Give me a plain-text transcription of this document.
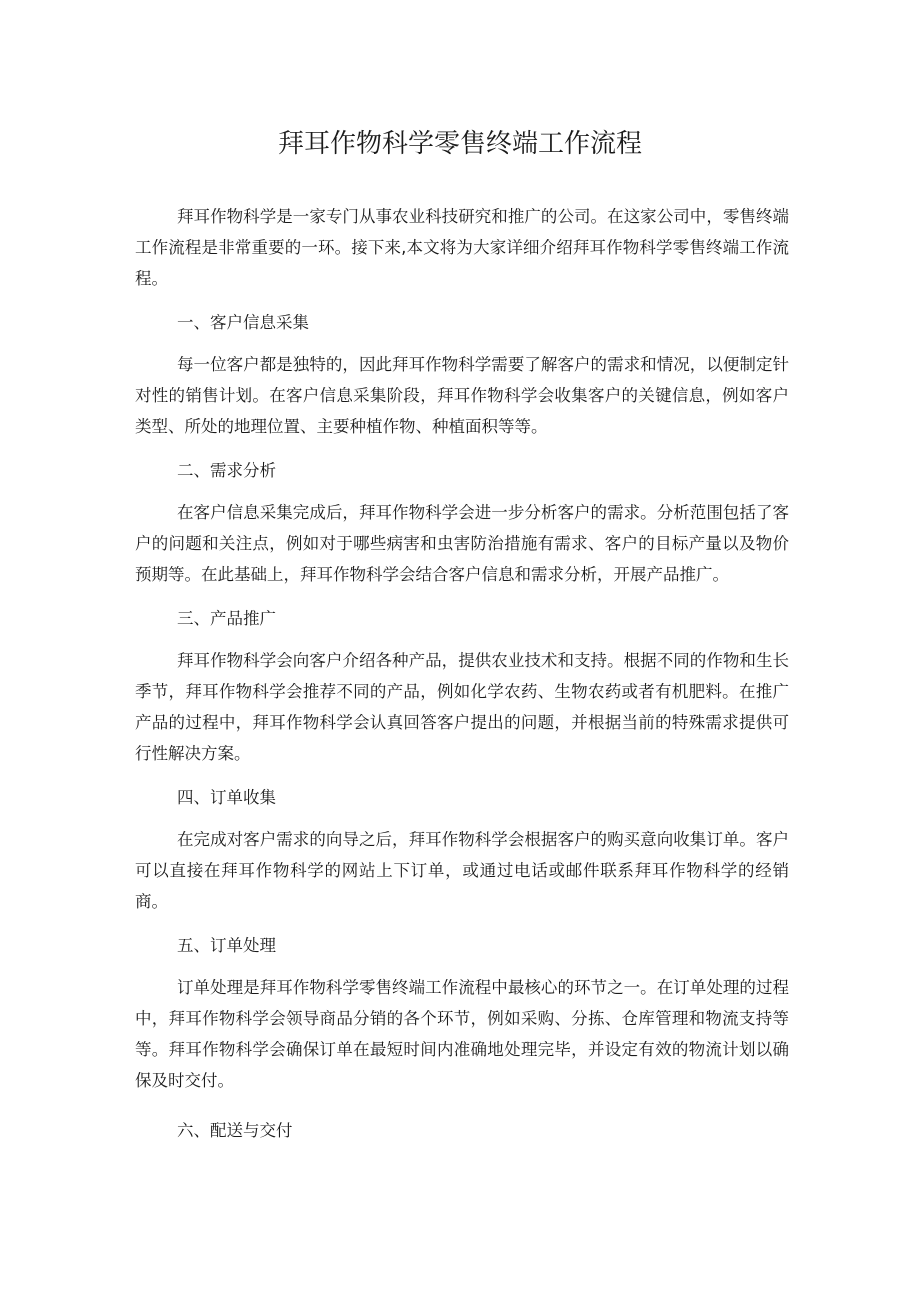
拜耳作物科学零售终端工作流程

拜耳作物科学是一家专门从事农业科技研究和推广的公司。在这家公司中，零售终端工作流程是非常重要的一环。接下来,本文将为大家详细介绍拜耳作物科学零售终端工作流程。

一、客户信息采集

每一位客户都是独特的，因此拜耳作物科学需要了解客户的需求和情况，以便制定针对性的销售计划。在客户信息采集阶段，拜耳作物科学会收集客户的关键信息，例如客户类型、所处的地理位置、主要种植作物、种植面积等等。

二、需求分析

在客户信息采集完成后，拜耳作物科学会进一步分析客户的需求。分析范围包括了客户的问题和关注点，例如对于哪些病害和虫害防治措施有需求、客户的目标产量以及物价预期等。在此基础上，拜耳作物科学会结合客户信息和需求分析，开展产品推广。

三、产品推广

拜耳作物科学会向客户介绍各种产品，提供农业技术和支持。根据不同的作物和生长季节，拜耳作物科学会推荐不同的产品，例如化学农药、生物农药或者有机肥料。在推广产品的过程中，拜耳作物科学会认真回答客户提出的问题，并根据当前的特殊需求提供可行性解决方案。

四、订单收集

在完成对客户需求的向导之后，拜耳作物科学会根据客户的购买意向收集订单。客户可以直接在拜耳作物科学的网站上下订单，或通过电话或邮件联系拜耳作物科学的经销商。

五、订单处理

订单处理是拜耳作物科学零售终端工作流程中最核心的环节之一。在订单处理的过程中，拜耳作物科学会领导商品分销的各个环节，例如采购、分拣、仓库管理和物流支持等等。拜耳作物科学会确保订单在最短时间内准确地处理完毕，并设定有效的物流计划以确保及时交付。

六、配送与交付
